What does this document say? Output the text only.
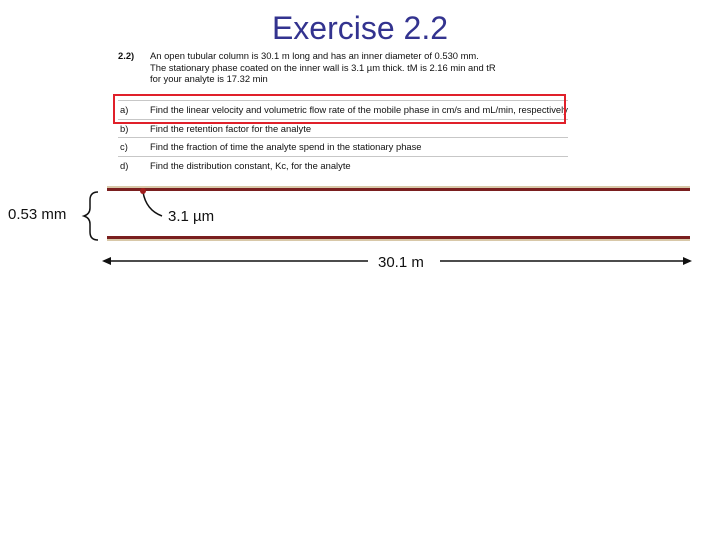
Exercise 2.2
2.2) An open tubular column is 30.1 m long and has an inner diameter of 0.530 mm.
The stationary phase coated on the inner wall is 3.1 µm thick. tM is 2.16 min and tR
for your analyte is 17.32 min
a) Find the linear velocity and volumetric flow rate of the mobile phase in cm/s and mL/min, respectively
b) Find the retention factor for the analyte
c) Find the fraction of time the analyte spend in the stationary phase
d) Find the distribution constant, Kc, for the analyte
0.53 mm	3.1 µm
30.1 m
